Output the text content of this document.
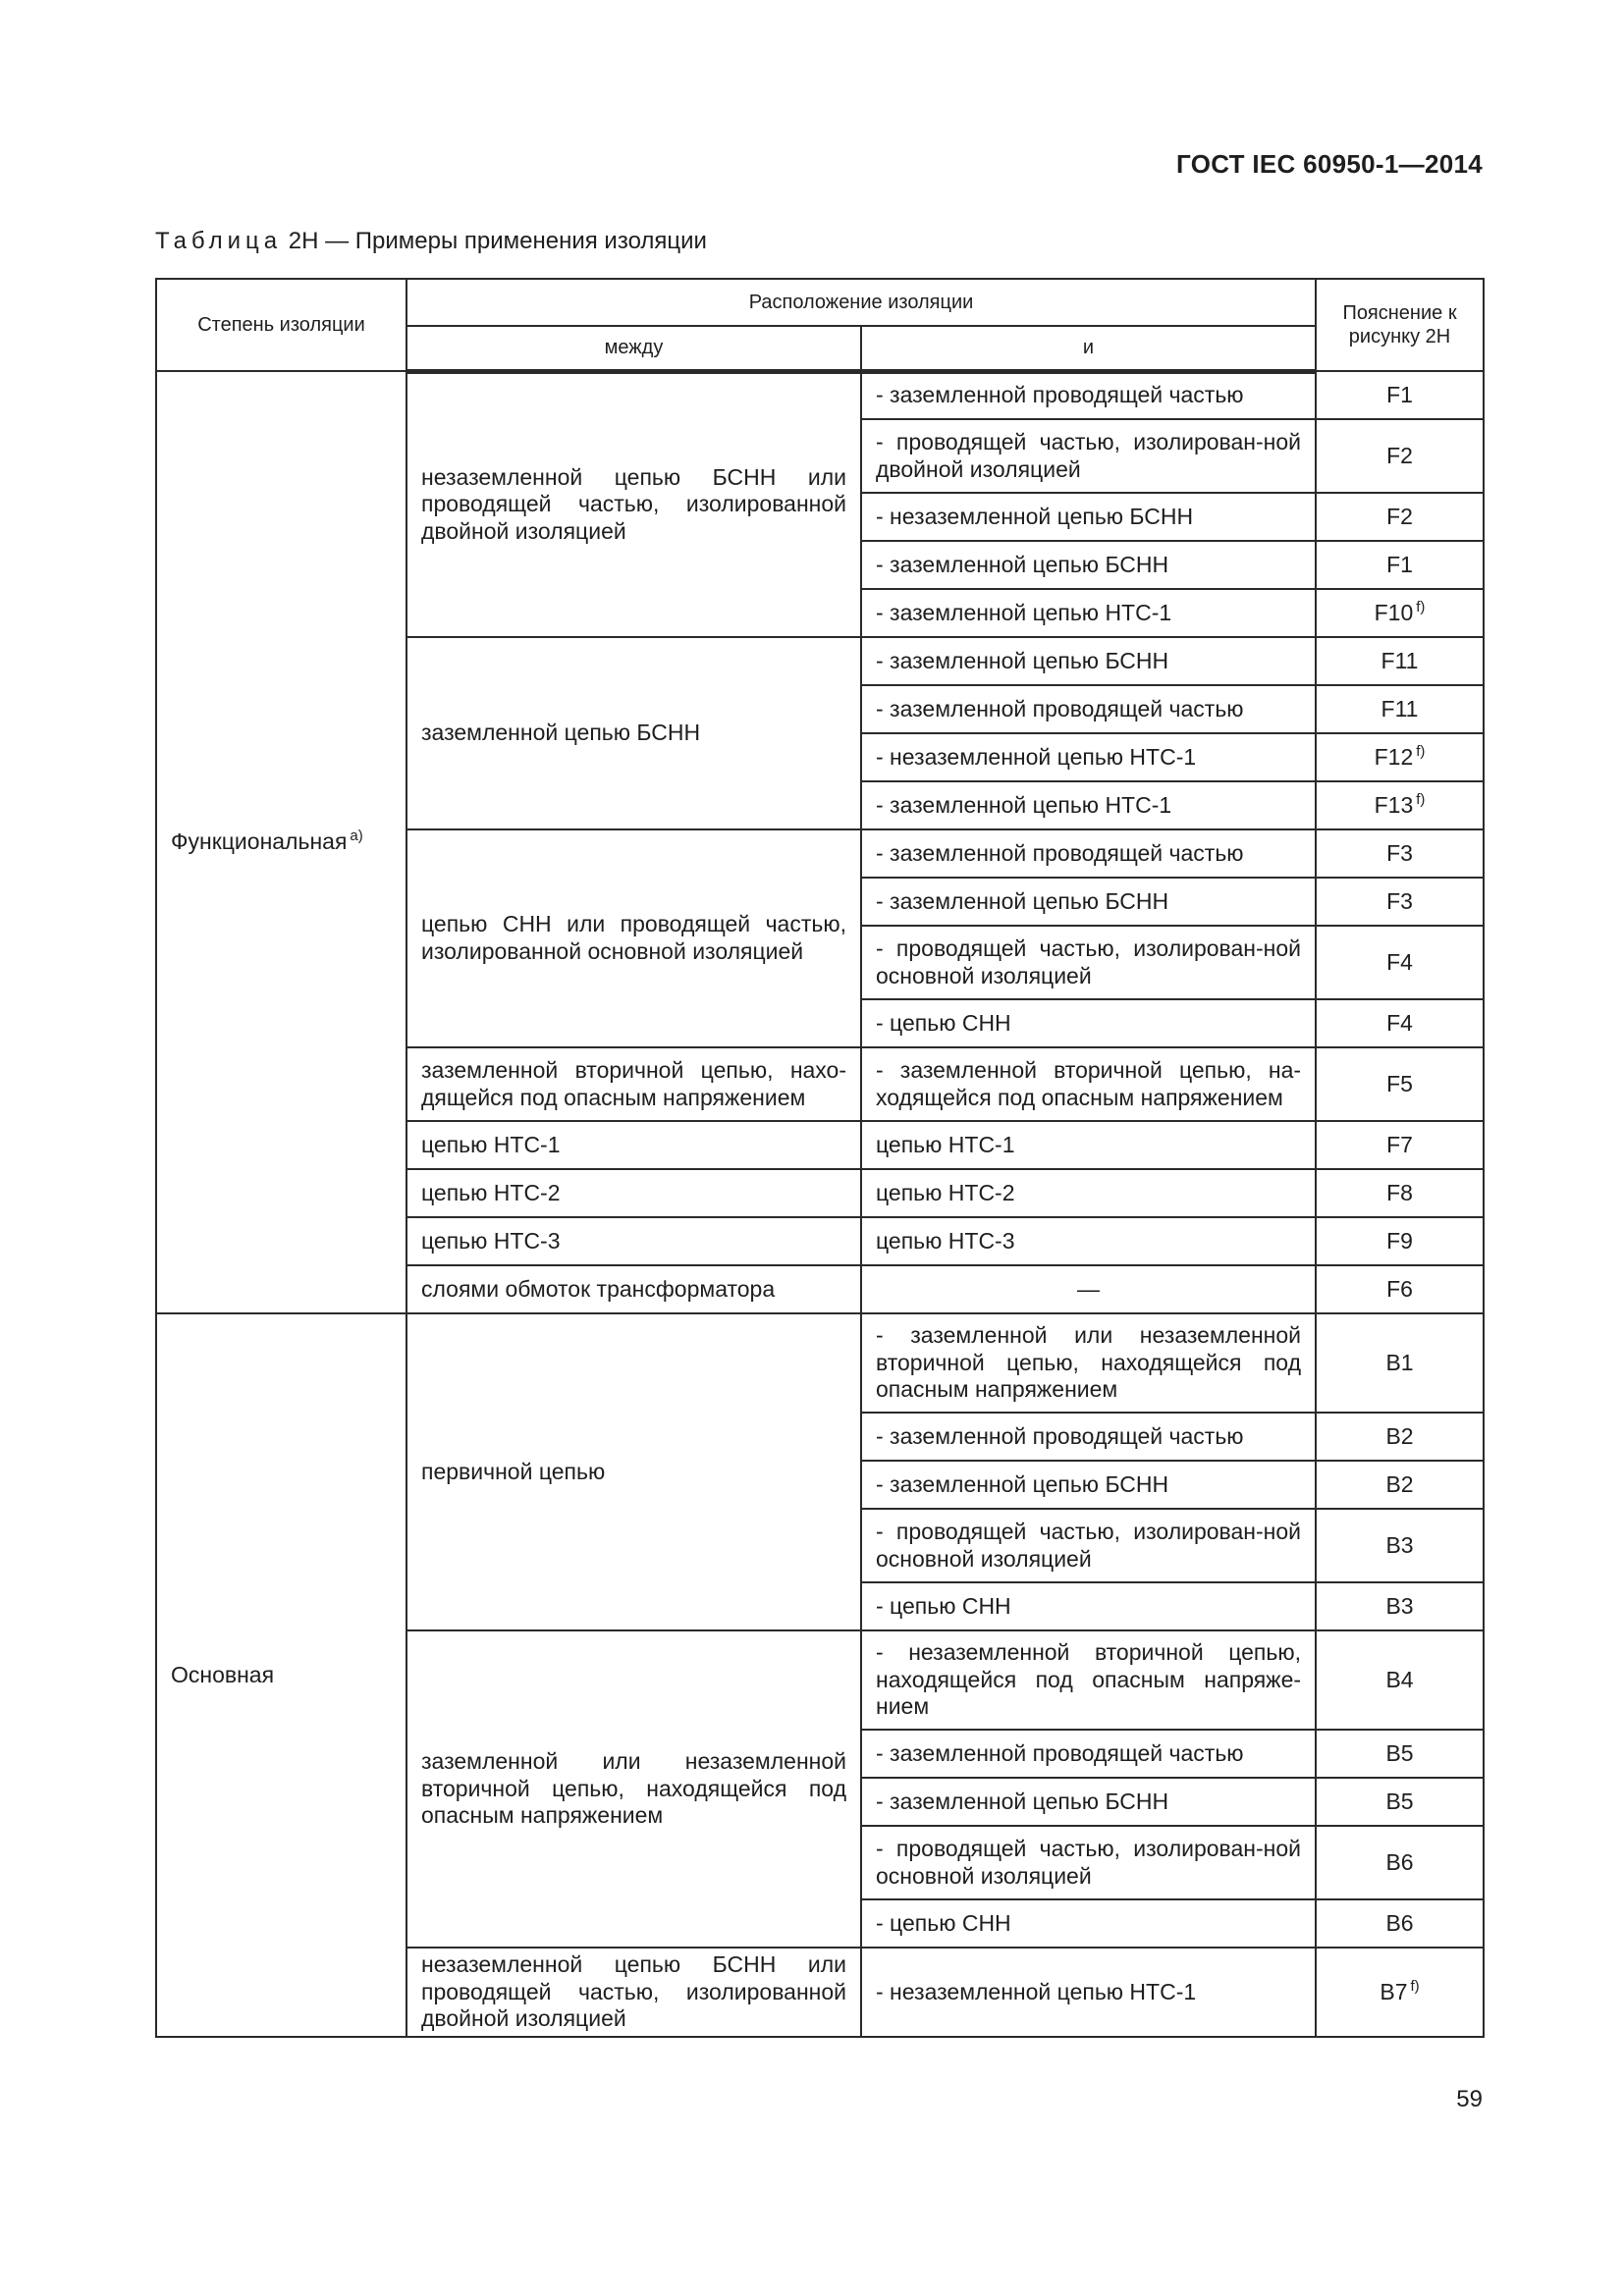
ГОСТ IEC 60950-1—2014
Таблица 2Н — Примеры применения изоляции
Степень изоляции	Расположение изоляции		Пояснение к рисунку 2Н
	между	и	
Функциональная $^{а)}$	незаземленной цепью БСНН или проводящей частью, изолированной двойной изоляцией	- заземленной проводящей частью	F1
		- проводящей частью, изолирован-ной двойной изоляцией	F2
		- незаземленной цепью БСНН	F2
		- заземленной цепью БСНН	F1
		- заземленной цепью НТС-1	F10 $^{f)}$
	заземленной цепью БСНН	- заземленной цепью БСНН	F11
		- заземленной проводящей частью	F11
		- незаземленной цепью НТС-1	F12 $^{f)}$
		- заземленной цепью НТС-1	F13 $^{f)}$
	цепью СНН или проводящей частью, изолированной основной изоляцией	- заземленной проводящей частью	F3
		- заземленной цепью БСНН	F3
		- проводящей частью, изолирован-ной основной изоляцией	F4
		- цепью СНН	F4
	заземленной вторичной цепью, нахо-дящейся под опасным напряжением	- заземленной вторичной цепью, на-ходящейся под опасным напряжением	F5
	цепью НТС-1	цепью НТС-1	F7
	цепью НТС-2	цепью НТС-2	F8
	цепью НТС-3	цепью НТС-3	F9
	слоями обмоток трансформатора	—	F6
Основная	первичной цепью	- заземленной или незаземленной вторичной цепью, находящейся под опасным напряжением	В1
		- заземленной проводящей частью	В2
		- заземленной цепью БСНН	В2
		- проводящей частью, изолирован-ной основной изоляцией	В3
		- цепью СНН	В3
	заземленной или незаземленной вторичной цепью, находящейся под опасным напряжением	- незаземленной вторичной цепью, находящейся под опасным напряже-нием	В4
		- заземленной проводящей частью	В5
		- заземленной цепью БСНН	В5
		- проводящей частью, изолирован-ной основной изоляцией	В6
		- цепью СНН	В6
	незаземленной цепью БСНН или проводящей частью, изолированной двойной изоляцией	- незаземленной цепью НТС-1	В7 $^{f)}$
59
